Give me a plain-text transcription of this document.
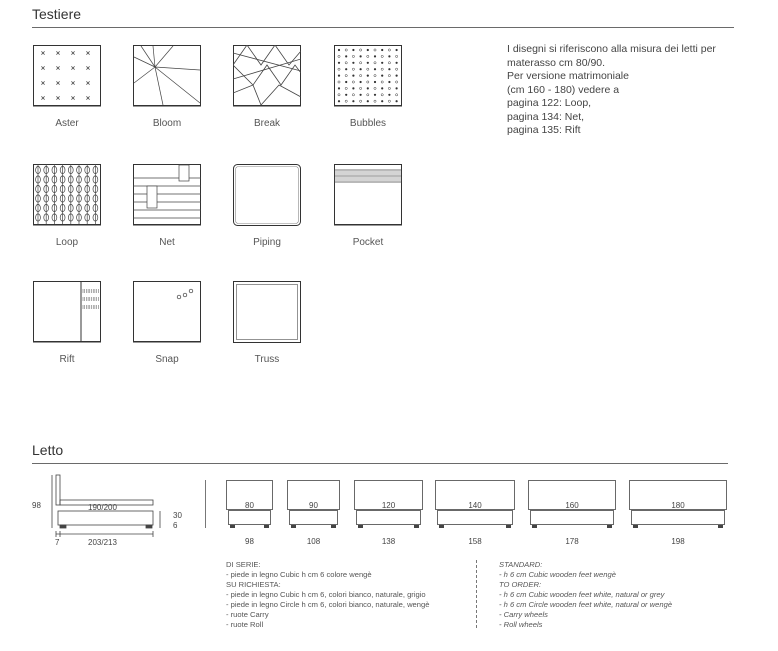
Testiere
Aster	Bloom	Break	Bubbles
Loop	Net	Piping	Pocket
Rift	Snap	Truss
I disegni si riferiscono alla misura dei letti per
materasso cm 80/90.
Per versione matrimoniale
(cm 160 - 180) vedere a
pagina 122: Loop,
pagina 134: Net,
pagina 135: Rift
Letto
98	190/200
30
6
7	203/213
80
98
90
108
120
138
140
158
160
178
180
198
DI SERIE:
- piede in legno Cubic h cm 6 colore wengè
SU RICHIESTA:
- piede in legno Cubic h cm 6, colori bianco, naturale, grigio
- piede in legno Circle h cm 6, colori bianco, naturale, wengè
- ruote Carry
- ruote Roll
STANDARD:
- h 6 cm Cubic wooden feet wengè
TO ORDER:
- h 6 cm Cubic wooden feet white, natural or grey
- h 6 cm Circle wooden feet white, natural or wengè
- Carry wheels
- Roll wheels
